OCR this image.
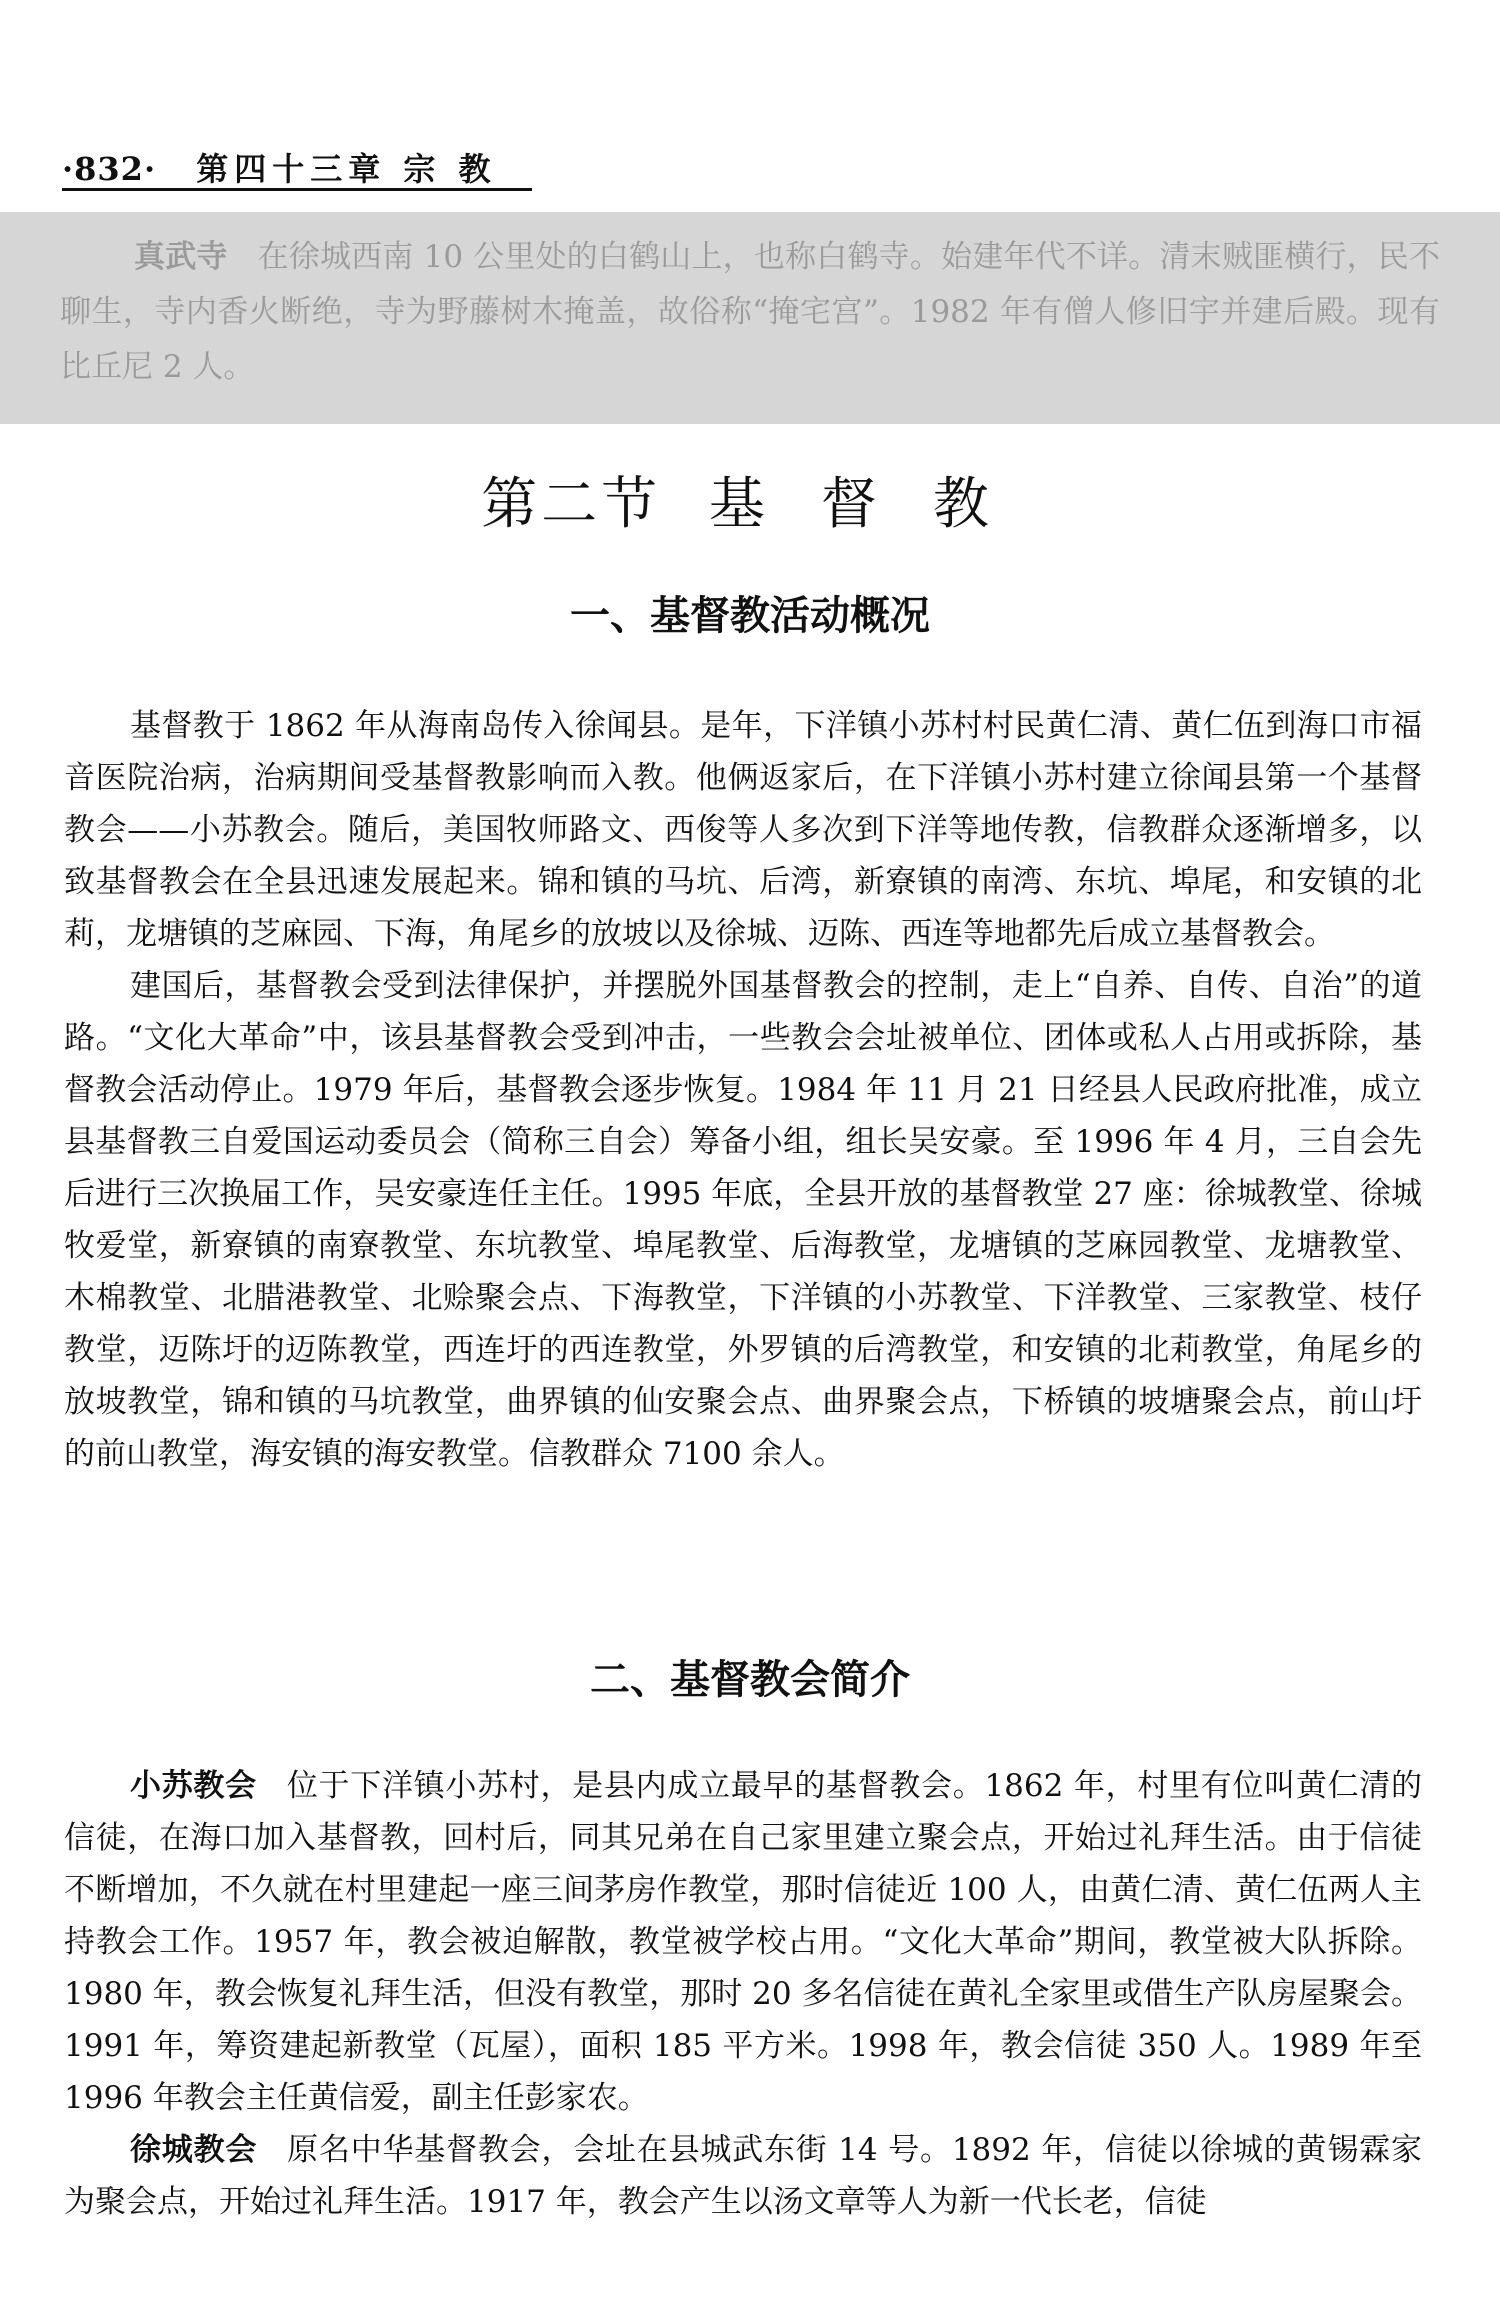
·832· 第四十三章 宗 教
真武寺 在徐城西南 10 公里处的白鹤山上，也称白鹤寺。始建年代不详。清末贼匪横行，民不聊生，寺内香火断绝，寺为野藤树木掩盖，故俗称“掩宅宫”。1982 年有僧人修旧宇并建后殿。现有比丘尼 2 人。
第二节 基 督 教
一、基督教活动概况

基督教于 1862 年从海南岛传入徐闻县。是年，下洋镇小苏村村民黄仁清、黄仁伍到海口市福音医院治病，治病期间受基督教影响而入教。他俩返家后，在下洋镇小苏村建立徐闻县第一个基督教会——小苏教会。随后，美国牧师路文、西俊等人多次到下洋等地传教，信教群众逐渐增多，以致基督教会在全县迅速发展起来。锦和镇的马坑、后湾，新寮镇的南湾、东坑、埠尾，和安镇的北莉，龙塘镇的芝麻园、下海，角尾乡的放坡以及徐城、迈陈、西连等地都先后成立基督教会。

建国后，基督教会受到法律保护，并摆脱外国基督教会的控制，走上“自养、自传、自治”的道路。“文化大革命”中，该县基督教会受到冲击，一些教会会址被单位、团体或私人占用或拆除，基督教会活动停止。1979 年后，基督教会逐步恢复。1984 年 11 月 21 日经县人民政府批准，成立县基督教三自爱国运动委员会（简称三自会）筹备小组，组长吴安豪。至 1996 年 4 月，三自会先后进行三次换届工作，吴安豪连任主任。1995 年底，全县开放的基督教堂 27 座：徐城教堂、徐城牧爱堂，新寮镇的南寮教堂、东坑教堂、埠尾教堂、后海教堂，龙塘镇的芝麻园教堂、龙塘教堂、木棉教堂、北腊港教堂、北赊聚会点、下海教堂，下洋镇的小苏教堂、下洋教堂、三家教堂、枝仔教堂，迈陈圩的迈陈教堂，西连圩的西连教堂，外罗镇的后湾教堂，和安镇的北莉教堂，角尾乡的放坡教堂，锦和镇的马坑教堂，曲界镇的仙安聚会点、曲界聚会点，下桥镇的坡塘聚会点，前山圩的前山教堂，海安镇的海安教堂。信教群众 7100 余人。

二、基督教会简介

小苏教会 位于下洋镇小苏村，是县内成立最早的基督教会。1862 年，村里有位叫黄仁清的信徒，在海口加入基督教，回村后，同其兄弟在自己家里建立聚会点，开始过礼拜生活。由于信徒不断增加，不久就在村里建起一座三间茅房作教堂，那时信徒近 100 人，由黄仁清、黄仁伍两人主持教会工作。1957 年，教会被迫解散，教堂被学校占用。“文化大革命”期间，教堂被大队拆除。1980 年，教会恢复礼拜生活，但没有教堂，那时 20 多名信徒在黄礼全家里或借生产队房屋聚会。1991 年，筹资建起新教堂（瓦屋），面积 185 平方米。1998 年，教会信徒 350 人。1989 年至 1996 年教会主任黄信爱，副主任彭家农。

徐城教会 原名中华基督教会，会址在县城武东街 14 号。1892 年，信徒以徐城的黄锡霖家为聚会点，开始过礼拜生活。1917 年，教会产生以汤文章等人为新一代长老，信徒
